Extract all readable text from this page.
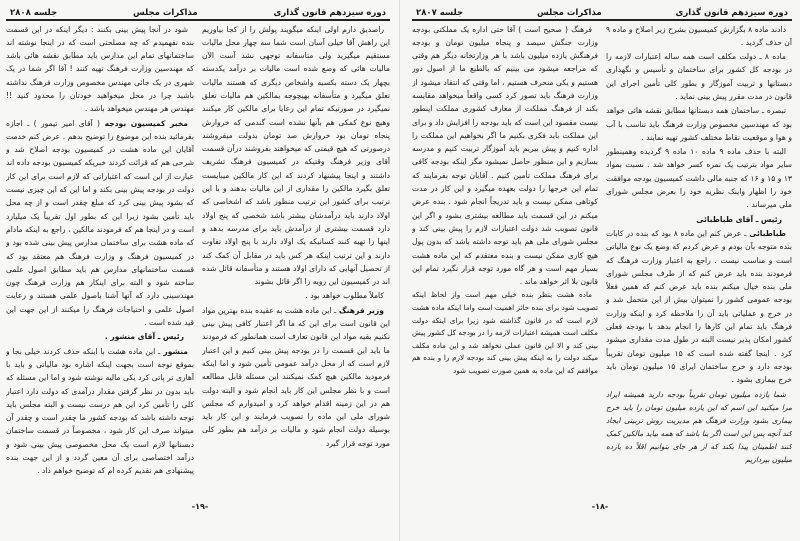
دوره سیزدهم قانون گذاری
مذاکرات مجلس
جلسه ۲۸۰۸

راصدیق دارم اولی اینکه میگویند پولش را از کجا بیاوریم این راهش آقا خیلی آسان است شما سه چهار محل مالیات مستقیم میگیرید ولی متاسفانه توجهی نشد آست الآن مالیات هائی که وضع شده است مالیات بر درآمد یکدسته بچهار یک دسته بکسبه واشخاص دیگری که هستند مالیات تعلق میگیرد و متأسفانه بهیچوجه بمالکین هم مالیات تعلق نمیگیرد در صورتیکه تمام این رعایا برای مالکین کار میکنند وهیچ نوع کمکی هم بآنها نشده است گندمی که خروارش پنجاه تومان بود خروارش صد تومان بدولت میفروشند درصورتی که هیچ قیمتی که میخواهند بفروشند درآن قسمت آقای وزیر فرهنگ وقتیکه در کمیسیون فرهنگ تشریف داشتند و اینجا پیشنهاد کردند که این کار مالکین میبایست تعلق بگیرد مالکین را مقداری از این مالیات بدهند و با این ترتیب برای کشور این ترتیب منظور باشد که اشخاصی که اولاد دارند باید درآمدشان بیشتر باشد شخصی که پنج اولاد دارد قسمت بیشتری از درآمدش باید برای مدرسه بدهد و اینها را تهیه کنند کسانیکه یک اولاد دارند با پنج اولاد تفاوت دارند و این ترتیب اینکه هر کس باید در مقابل آن کمک کند از تحصیل آنهایی که دارای اولاد هستند و متأسفانه قائل شده اند در کمیسیون این رویه را اگر قائل بشوند

کاملاً مطلوب خواهد بود .

وزیر فرهنگ ـ این ماده هشت به عقیده بنده بهترین مواد این قانون است برای این که ما اگر اعتبار کافی پیش بینی نکنیم بقیه مواد این قانون تعارف است همانطور که فرمودند ما باید این قسمت را در بودجه پیش بینی کنیم و این اعتبار لازم است که از محل درآمد عمومی تأمین شود و اما اینکه فرمودید مالکین هیچ کمک نمیکنند این مسئله قابل مطالعه است و با نظر مجلس این کار باید انجام شود و البته دولت هم در این زمینه اقدام خواهد کرد و امیدوارم که مجلس شورای ملی این ماده را تصویب فرمایند و این کار باید بوسیله دولت انجام شود و مالیات بر درآمد هم بطور کلی مورد توجه قرار گیرد

شود در آنجا پیش بینی بکنند : دیگر اینکه در این قسمت بنده نفهمیدم که چه مصلحتی است که در اینجا نوشته اند ساختمانهای تمام این مدارس باید مطابق نقشه هائی باشد که مهندسین وزارت فرهنگ تهیه کنند ! آقا اگر شما در یک شهری در یک جائی مهندس مخصوص وزارت فرهنگ نداشته باشید چرا در محل میخواهید خودتان را محدود کنید !! مهندس هر مهندس میخواهد باشد .

مخبر کمیسیون بودجه ( آقای امیر تیمور ) ـ اجازه بفرمائید بنده این موضوع را توضیح بدهم . عرض کنم خدمت آقایان این ماده هشت در کمیسیون بودجه اصلاح شد و شرحی هم که قرائت کردند خبریکه کمیسیون بودجه داده اند عبارت از این است که اعتباراتی که لازم است برای این کار دولت در بودجه پیش بینی بکند و اما این که این چیزی نیست که بشود پیش بینی کرد که مبلغ چقدر است و از چه محل باید تأمین بشود زیرا این که بطور اول تقریباً یک میلیارد است و در اینجا هم که فرمودند مالکین ، راجع به اینکه مادام که ماده هشت برای ساختمان مدارس پیش بینی شده بود و در کمیسیون فرهنگ و وزارت فرهنگ هم معتقد بود که قسمت ساختمانهای مدارس هم باید مطابق اصول علمی ساخته شود و البته برای اینکار هم وزارت فرهنگ چون مهندسینی دارد که آنها آشنا باصول علمی هستند و رعایت اصول علمی و احتیاجات فرهنگ را میکنند از این جهت این قید شده است .

رئیس ـ آقای منشور .

منشور ـ این ماده هشت با اینکه حذف کردند خیلی بجا و بموقع توجه است بجهت اینکه اشاره بود مالیاتی و باید با آهاری تر پاتی کرد یکی مالیه نوشته شود و اما این مسئله که باید بدون در نظر گرفتن مقدار درآمدی که دولت دارد اعتبار کلی را تأمین کرد این هم درست نیست و البته مجلس باید توجه داشته باشد که بودجه کشور ما چقدر است و چقدر آن میتواند صرف این کار شود ، مخصوصاً در قسمت ساختمان دبستانها لازم است یک محل مخصوصی پیش بینی شود و درآمد اختصاصی برای آن معین گردد و از این جهت بنده پیشنهادی هم تقدیم کرده ام که توضیح خواهم داد .

-۱۹-
دوره سیزدهم قانون گذاری
مذاکرات مجلس
جلسه ۲۸۰۷

دادند ماده ۸ بگزارش کمیسیون بشرح زیر اصلاح و ماده ۹ آن حذف گردید .

ماده ۸ ـ دولت مکلف است همه ساله اعتبارات لازمه را در بودجه کل کشور برای ساختمان و تأسیس و نگهداری دبستانها و تربیت آموزگار و بطور کلی تأمین اجرای این قانون در مدت مقرر پیش بینی نماید .

تبصره ـ ساختمان همه دبستانها مطابق نقشه هائی خواهد بود که مهندسین مخصوص وزارت فرهنگ باید تناسب با آب و هوا و موقعیت نقاط مختلف کشور تهیه نمایند .

البته با حذف ماده ۹ ماده ۱۰ ماده ۹ گردیده وهمینطور سایر مواد بترتیب یک نمره کسر خواهد شد . نسبت بمواد ۱۳ و ۱۵ و ۱۶ که جنبه مالی داشت کمیسیون بودجه موافقت خود را اظهار واینک نظریه خود را بعرض مجلس شورای ملی میرساند .

رئیس ـ آقای طباطبائی

طباطبائی ـ عرض کنم این ماده ۸ بود که بنده در کابات بنده متوجه بآن بودم و عرض کردم که وضع یک نوع مالیاتی است و مناسب نیست . راجع به اعتبار وزارت فرهنگ که فرمودند بنده باید عرض کنم که از طرف مجلس شورای ملی بنده خیال میکنم بنده باید عرض کنم که همین فعلاً بودجه عمومی کشور را نمیتوان بیش از این متحمل شد و در خرج و عملیاتی باید آن را ملاحظه کرد و اینکه وزارت فرهنگ باید تمام این کارها را انجام بدهد با بودجه فعلی کشور امکان پذیر نیست البته در طول مدت مقداری میشود کرد . اینجا گفته شده است که ۱۵ میلیون تومان تقریباً بودجه دارد و خرج ساختمان ایرای ۱۵ میلیون تومان باید خرج بیماری بشود .

شما یازده میلیون تومان تقریباً بودجه دارید همیشه ایراد مرا میکنید این اسم که این یازده میلیون تومان را باید خرج بیماری بشود وزارت فرهنگ هم مدیریت روش تربیتی ایجاد کند آنچه پس این است اگر بنا باشد که همه بیاید مالکین کمک کنند اطمینان پیدا بکند که از هر جای بتوانیم اقلاً ده یازده میلیون بپردازیم

فرهنگ ( صحیح است ) آقا حتی اداره یک مملکتی بودجه وزارت جنگش سیصد و پنجاه میلیون تومان و بودجه فرهنگش یازده میلیون باشد با هر وزارتخانه دیگر هم وقتی که مراجعه میشود می بینیم که بالطبع ما از اصول دور هستیم و یکی منحرف هستیم ، اما وقتی که انتقاد میشود از وزارت فرهنگ باید تصور کرد کسی واقعاً میخواهد مقایسه بکند از فرهنگ مملکت از معارف کشوری مملکت اینطور نیست مقصود این است که باید بودجه را افزایش داد و برای این مملکت باید فکری بکنیم ما اگر بخواهیم این مملکت را اداره کنیم و پیش ببریم باید آموزگار تربیت کنیم و مدرسه بسازیم و این منظور حاصل نمیشود مگر اینکه بودجه کافی برای فرهنگ مملکت تأمین کنیم . آقایان توجه بفرمایند که تمام این خرجها را دولت بعهده میگیرد و این کار در مدت کوتاهی ممکن نیست و باید تدریجاً انجام شود . بنده عرض میکنم در این قسمت باید مطالعه بیشتری بشود و اگر این قانون تصویب شد دولت اعتبارات لازم را پیش بینی کند و مجلس شورای ملی هم باید توجه داشته باشد که بدون پول هیچ کاری ممکن نیست و بنده معتقدم که این ماده هشت بسیار مهم است و هر گاه مورد توجه قرار نگیرد تمام این قانون بلا اثر خواهد ماند .

ماده هشت بنظر بنده خیلی مهم است واز لحاظ اینکه تصویب شود برای بنده حائز اهمیت است واما اینکه ماده هشت لازم است که در قانون گذاشته شود زیرا برای اینکه دولت مکلف است همیشه اعتبارات لازمه را در بودجه کل کشور پیش بینی کند و الا این قانون عملی نخواهد شد و این ماده مکلف میکند دولت را به اینکه پیش بینی کند بودجه لازم را و بنده هم موافقم که این ماده به همین صورت تصویب شود

-۱۸-
